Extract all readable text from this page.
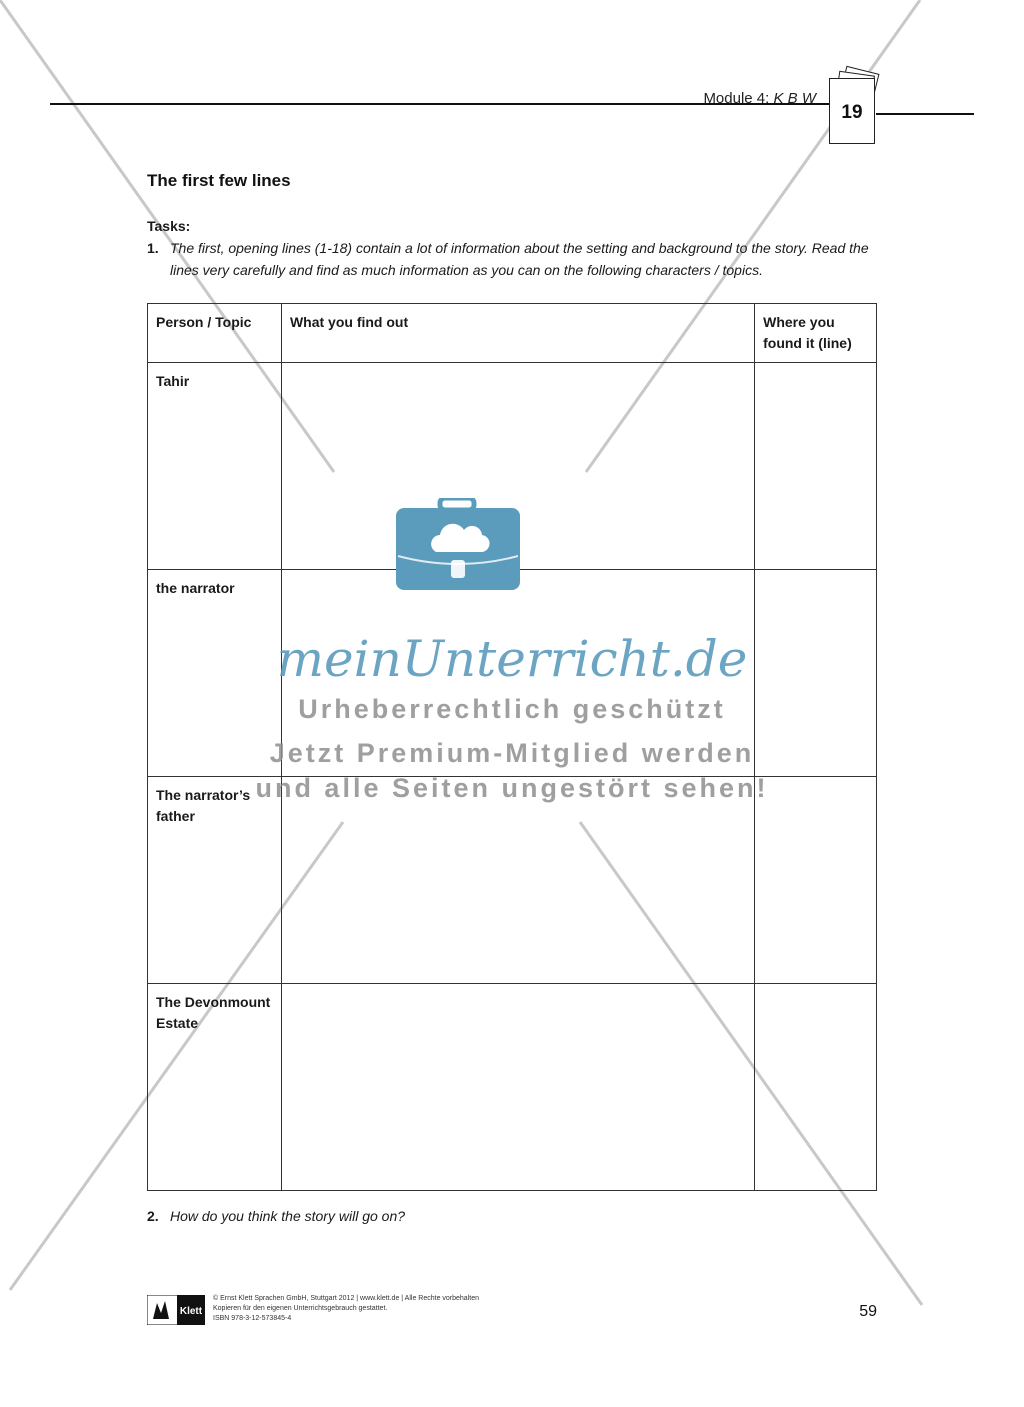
Module 4: K B W
19
The first few lines
Tasks:
1. The first, opening lines (1-18) contain a lot of information about the setting and background to the story. Read the lines very carefully and find as much information as you can on the following characters / topics.
Person / Topic	What you find out	Where you found it (line)
Tahir		
the narrator		
The narrator’s father		
The Devonmount Estate		
2. How do you think the story will go on?
meinUnterricht.de
Urheberrechtlich geschützt
Jetzt Premium-Mitglied werden
und alle Seiten ungestört sehen!
Klett
© Ernst Klett Sprachen GmbH, Stuttgart 2012 | www.klett.de | Alle Rechte vorbehalten
Kopieren für den eigenen Unterrichtsgebrauch gestattet.
ISBN 978-3-12-573845-4	59
